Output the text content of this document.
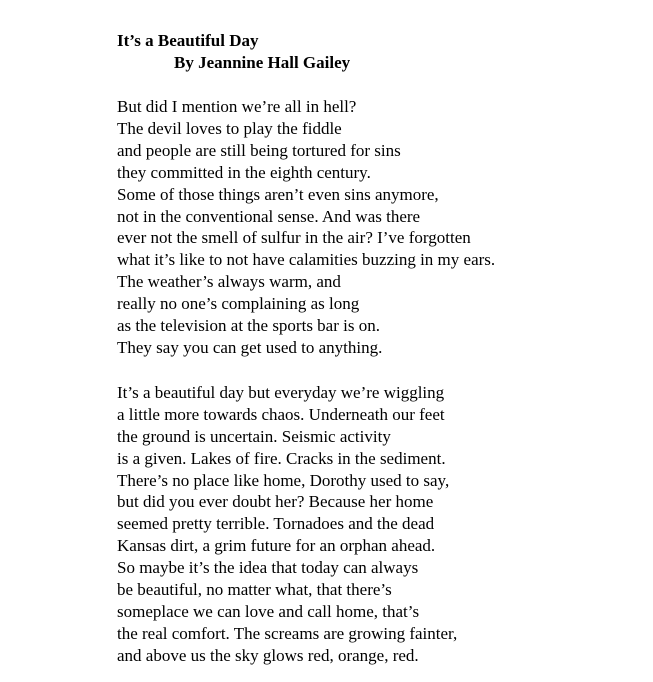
It’s a Beautiful Day

By Jeannine Hall Gailey

But did I mention we’re all in hell?
The devil loves to play the fiddle
and people are still being tortured for sins
they committed in the eighth century.
Some of those things aren’t even sins anymore,
not in the conventional sense. And was there
ever not the smell of sulfur in the air? I’ve forgotten
what it’s like to not have calamities buzzing in my ears.
The weather’s always warm, and
really no one’s complaining as long
as the television at the sports bar is on.
They say you can get used to anything.
It’s a beautiful day but everyday we’re wiggling
a little more towards chaos. Underneath our feet
the ground is uncertain. Seismic activity
is a given. Lakes of fire. Cracks in the sediment.
There’s no place like home, Dorothy used to say,
but did you ever doubt her? Because her home
seemed pretty terrible. Tornadoes and the dead
Kansas dirt, a grim future for an orphan ahead.
So maybe it’s the idea that today can always
be beautiful, no matter what, that there’s
someplace we can love and call home, that’s
the real comfort. The screams are growing fainter,
and above us the sky glows red, orange, red.
